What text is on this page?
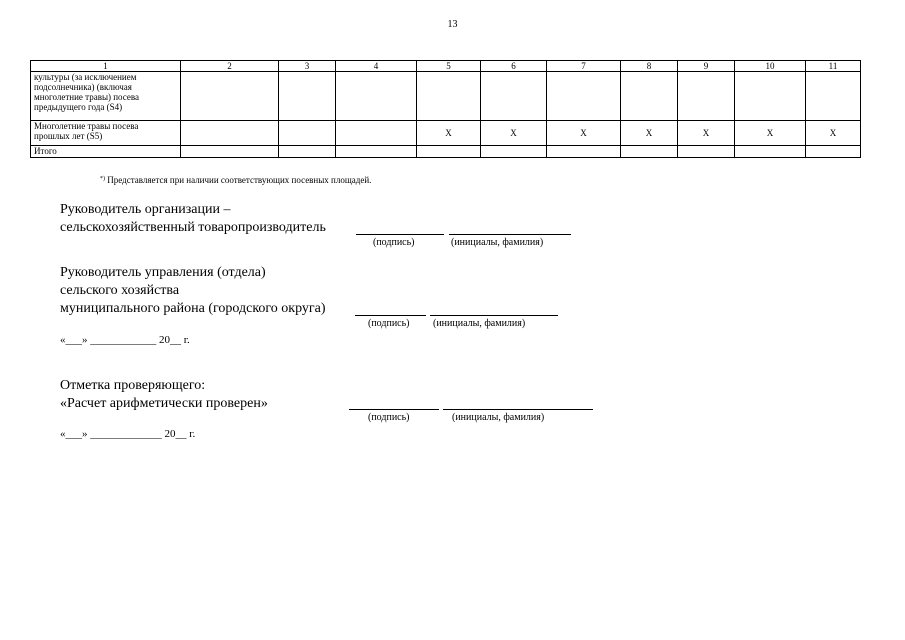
13
1	2	3	4	5	6	7	8	9	10	11

культуры (за исключением
подсолнечника) (включая
многолетние травы) посева
предыдущего года (S4)										

Многолетние травы посева
прошлых лет (S5)				X	X	X	X	X	X	X

Итого										

*) Представляется при наличии соответствующих посевных площадей.
Руководитель организации –
сельскохозяйственный товаропроизводитель
(подпись)	(инициалы, фамилия)
Руководитель управления (отдела)
сельского хозяйства
муниципального района (городского округа)
(подпись) (инициалы, фамилия)
«___» ____________ 20__ г.
Отметка проверяющего:
«Расчет арифметически проверен»
(подпись)	(инициалы, фамилия)
«___» _____________ 20__ г.
